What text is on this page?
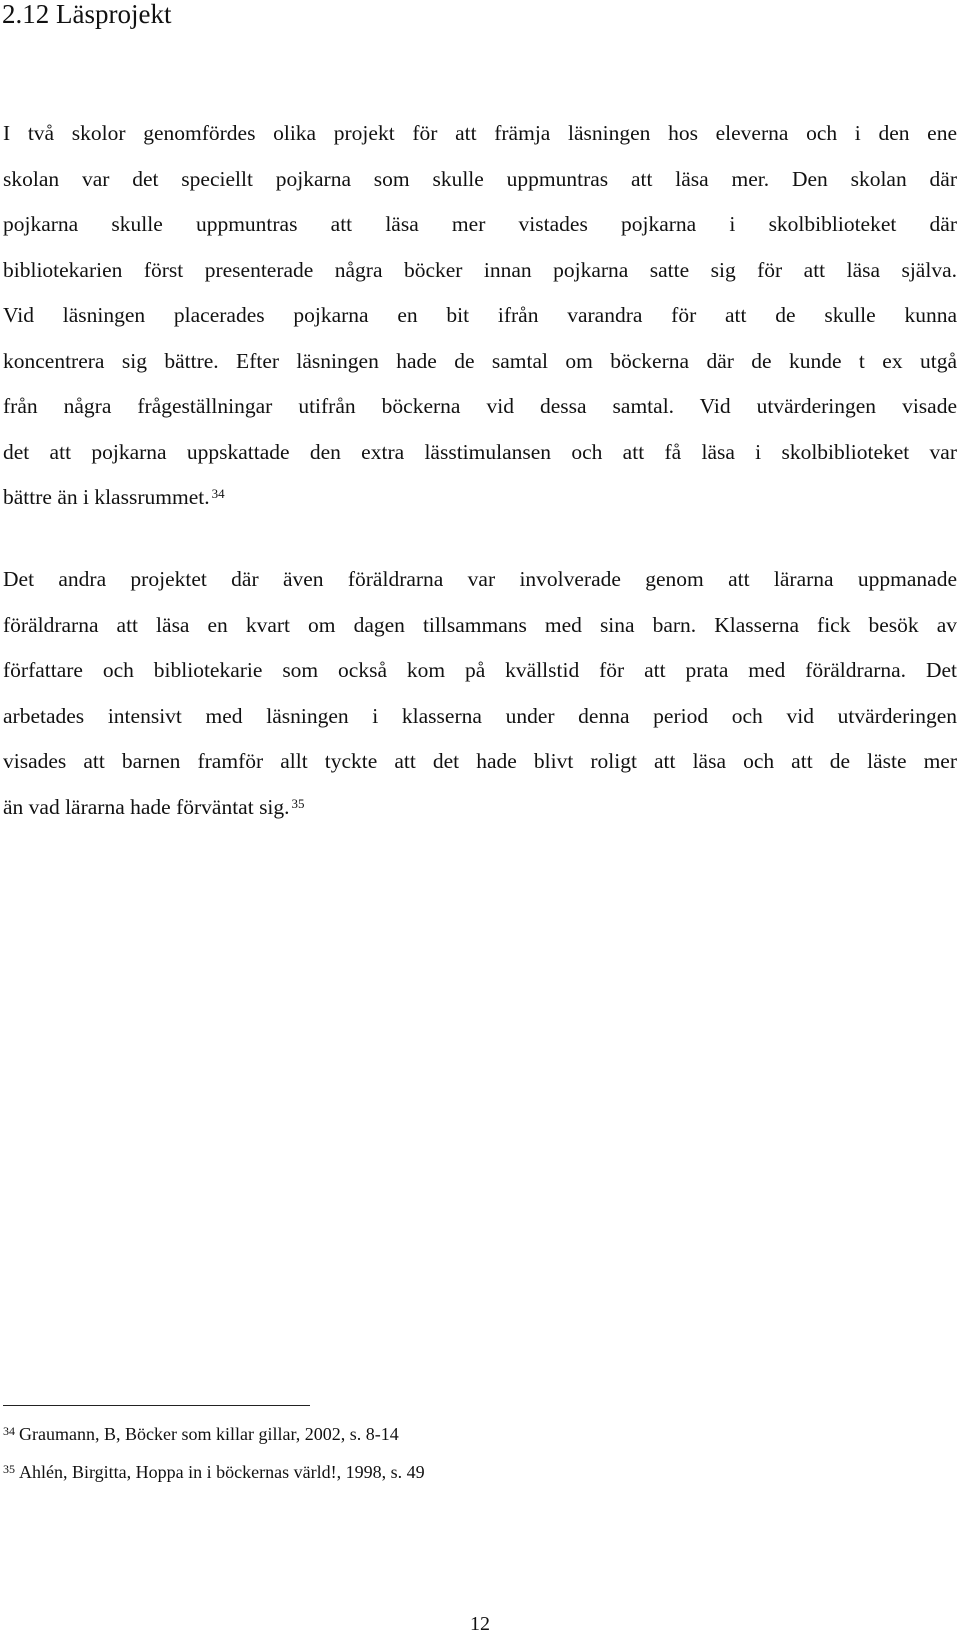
2.12 Läsprojekt
I två skolor genomfördes olika projekt för att främja läsningen hos eleverna och i den ene
skolan var det speciellt pojkarna som skulle uppmuntras att läsa mer. Den skolan där
pojkarna skulle uppmuntras att läsa mer vistades pojkarna i skolbiblioteket där
bibliotekarien först presenterade några böcker innan pojkarna satte sig för att läsa själva.
Vid läsningen placerades pojkarna en bit ifrån varandra för att de skulle kunna
koncentrera sig bättre. Efter läsningen hade de samtal om böckerna där de kunde t ex utgå
från några frågeställningar utifrån böckerna vid dessa samtal. Vid utvärderingen visade
det att pojkarna uppskattade den extra lässtimulansen och att få läsa i skolbiblioteket var
bättre än i klassrummet. $^{34}$
Det andra projektet där även föräldrarna var involverade genom att lärarna uppmanade
föräldrarna att läsa en kvart om dagen tillsammans med sina barn. Klasserna fick besök av
författare och bibliotekarie som också kom på kvällstid för att prata med föräldrarna. Det
arbetades intensivt med läsningen i klasserna under denna period och vid utvärderingen
visades att barnen framför allt tyckte att det hade blivt roligt att läsa och att de läste mer
än vad lärarna hade förväntat sig. $^{35}$

$^{34}$ Graumann, B, Böcker som killar gillar, 2002, s. 8-14

$^{35}$ Ahlén, Birgitta, Hoppa in i böckernas värld!, 1998, s. 49

12
